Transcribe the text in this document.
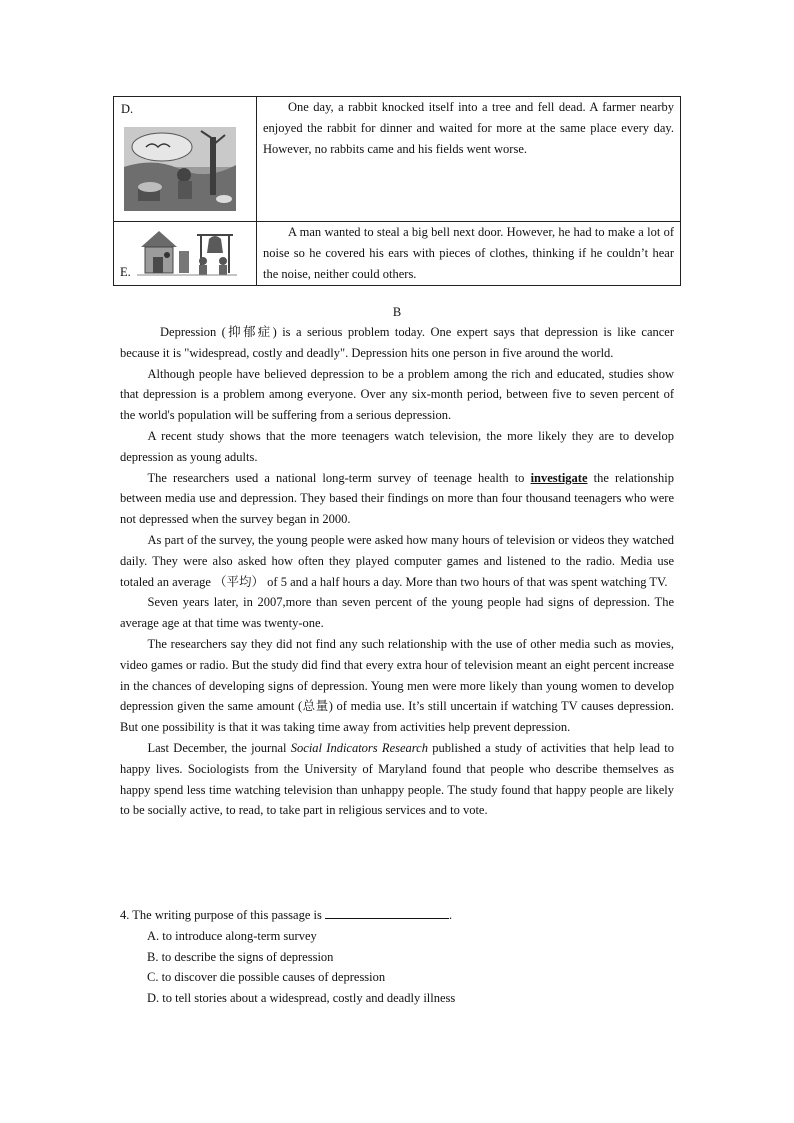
D.	One day, a rabbit knocked itself into a tree and fell dead. A farmer nearby enjoyed the rabbit for dinner and waited for more at the same place every day. However, no rabbits came and his fields went worse.

E.	A man wanted to steal a big bell next door. However, he had to make a lot of noise so he covered his ears with pieces of clothes, thinking if he couldn’t hear the noise, neither could others.

B

Depression (抑郁症) is a serious problem today. One expert says that depression is like cancer because it is "widespread, costly and deadly". Depression hits one person in five around the world.

Although people have believed depression to be a problem among the rich and educated, studies show that depression is a problem among everyone. Over any six-month period, between five to seven percent of the world's population will be suffering from a serious depression.

A recent study shows that the more teenagers watch television, the more likely they are to develop depression as young adults.

The researchers used a national long-term survey of teenage health to investigate the relationship between media use and depression. They based their findings on more than four thousand teenagers who were not depressed when the survey began in 2000.

As part of the survey, the young people were asked how many hours of television or videos they watched daily. They were also asked how often they played computer games and listened to the radio. Media use totaled an average （平均） of 5 and a half hours a day. More than two hours of that was spent watching TV.

Seven years later, in 2007,more than seven percent of the young people had signs of depression. The average age at that time was twenty-one.

The researchers say they did not find any such relationship with the use of other media such as movies, video games or radio. But the study did find that every extra hour of television meant an eight percent increase in the chances of developing signs of depression. Young men were more likely than young women to develop depression given the same amount (总量) of media use. It’s still uncertain if watching TV causes depression. But one possibility is that it was taking time away from activities help prevent depression.

Last December, the journal Social Indicators Research published a study of activities that help lead to happy lives. Sociologists from the University of Maryland found that people who describe themselves as happy spend less time watching television than unhappy people. The study found that happy people are likely to be socially active, to read, to take part in religious services and to vote.

4. The writing purpose of this passage is	.
A. to introduce along-term survey
B. to describe the signs of depression
C. to discover die possible causes of depression
D. to tell stories about a widespread, costly and deadly illness
